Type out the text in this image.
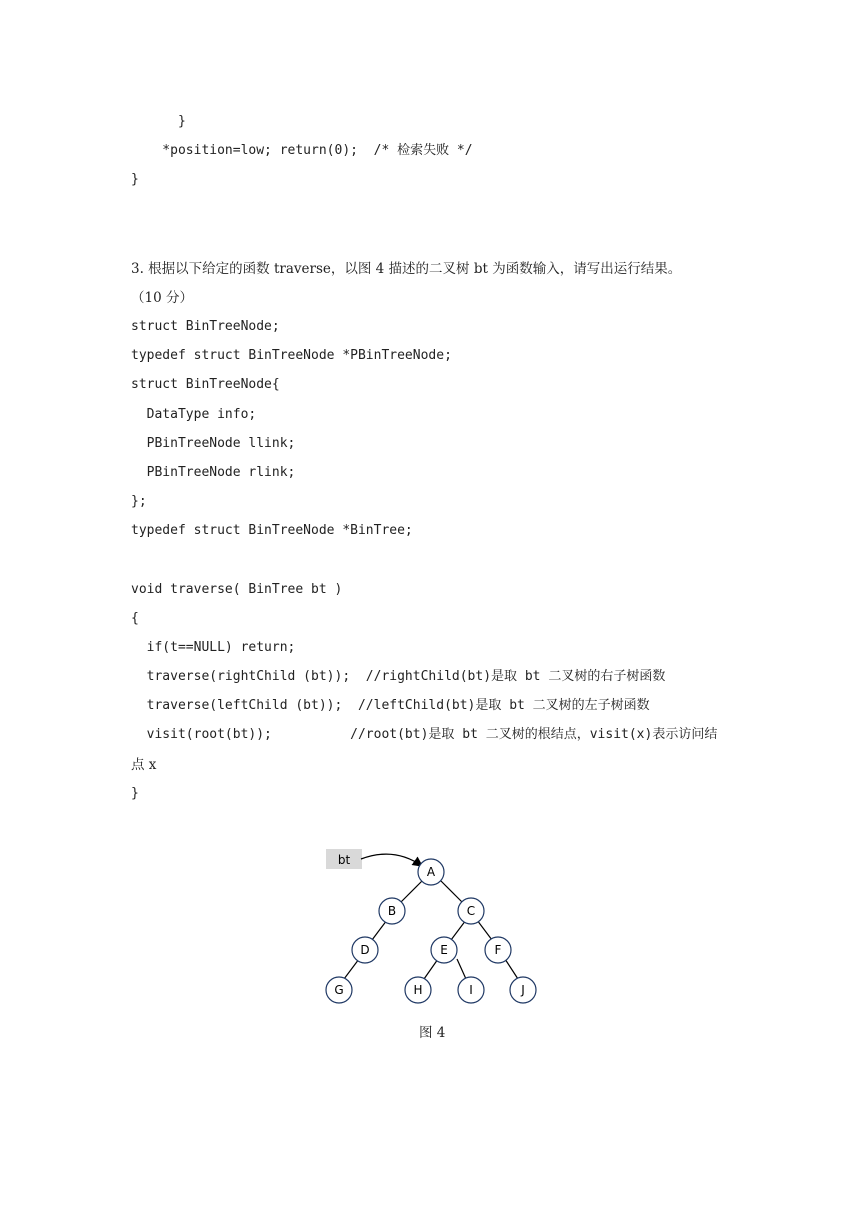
}
*position=low; return(0);  /* 检索失败 */
}
3. 根据以下给定的函数 traverse，以图 4 描述的二叉树 bt 为函数输入，请写出运行结果。
（10 分）
struct BinTreeNode;
typedef struct BinTreeNode *PBinTreeNode;
struct BinTreeNode{
DataType info;
PBinTreeNode llink;
PBinTreeNode rlink;
};
typedef struct BinTreeNode *BinTree;
void traverse( BinTree bt )
{
if(t==NULL) return;
traverse(rightChild (bt));  //rightChild(bt)是取 bt 二叉树的右子树函数
traverse(leftChild (bt));  //leftChild(bt)是取 bt 二叉树的左子树函数
visit(root(bt));          //root(bt)是取 bt 二叉树的根结点，visit(x)表示访问结
点 x
}
bt
A
B	C
D	E	F
G	H	I	J
图 4
